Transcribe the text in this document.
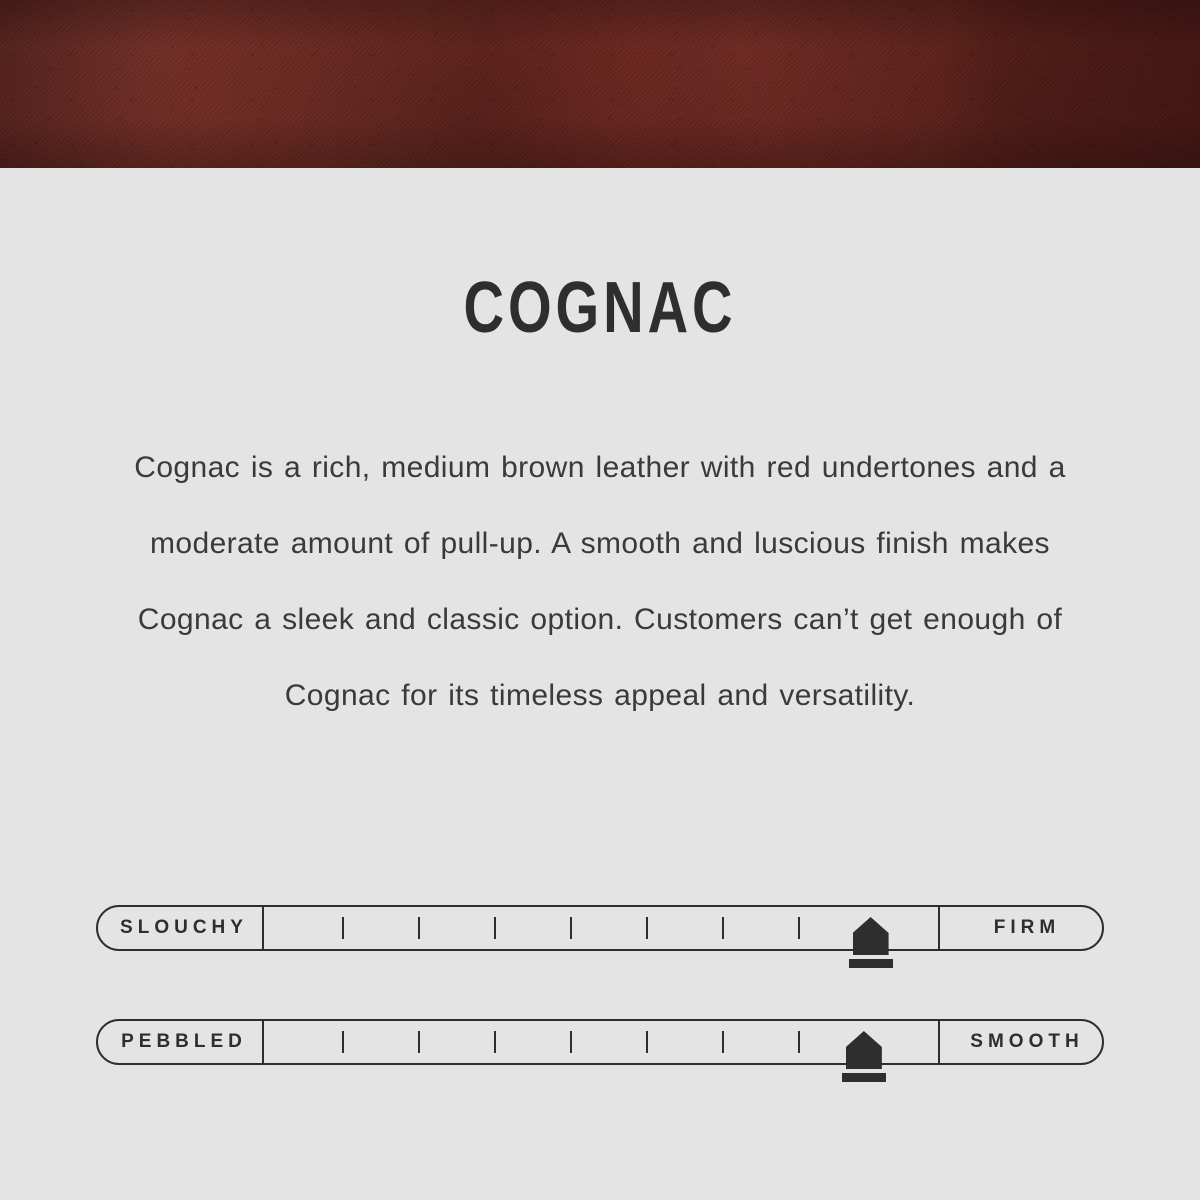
COGNAC
Cognac is a rich, medium brown leather with red undertones and a moderate amount of pull-up. A smooth and luscious finish makes Cognac a sleek and classic option. Customers can’t get enough of Cognac for its timeless appeal and versatility.
SLOUCHY	FIRM
PEBBLED	SMOOTH
